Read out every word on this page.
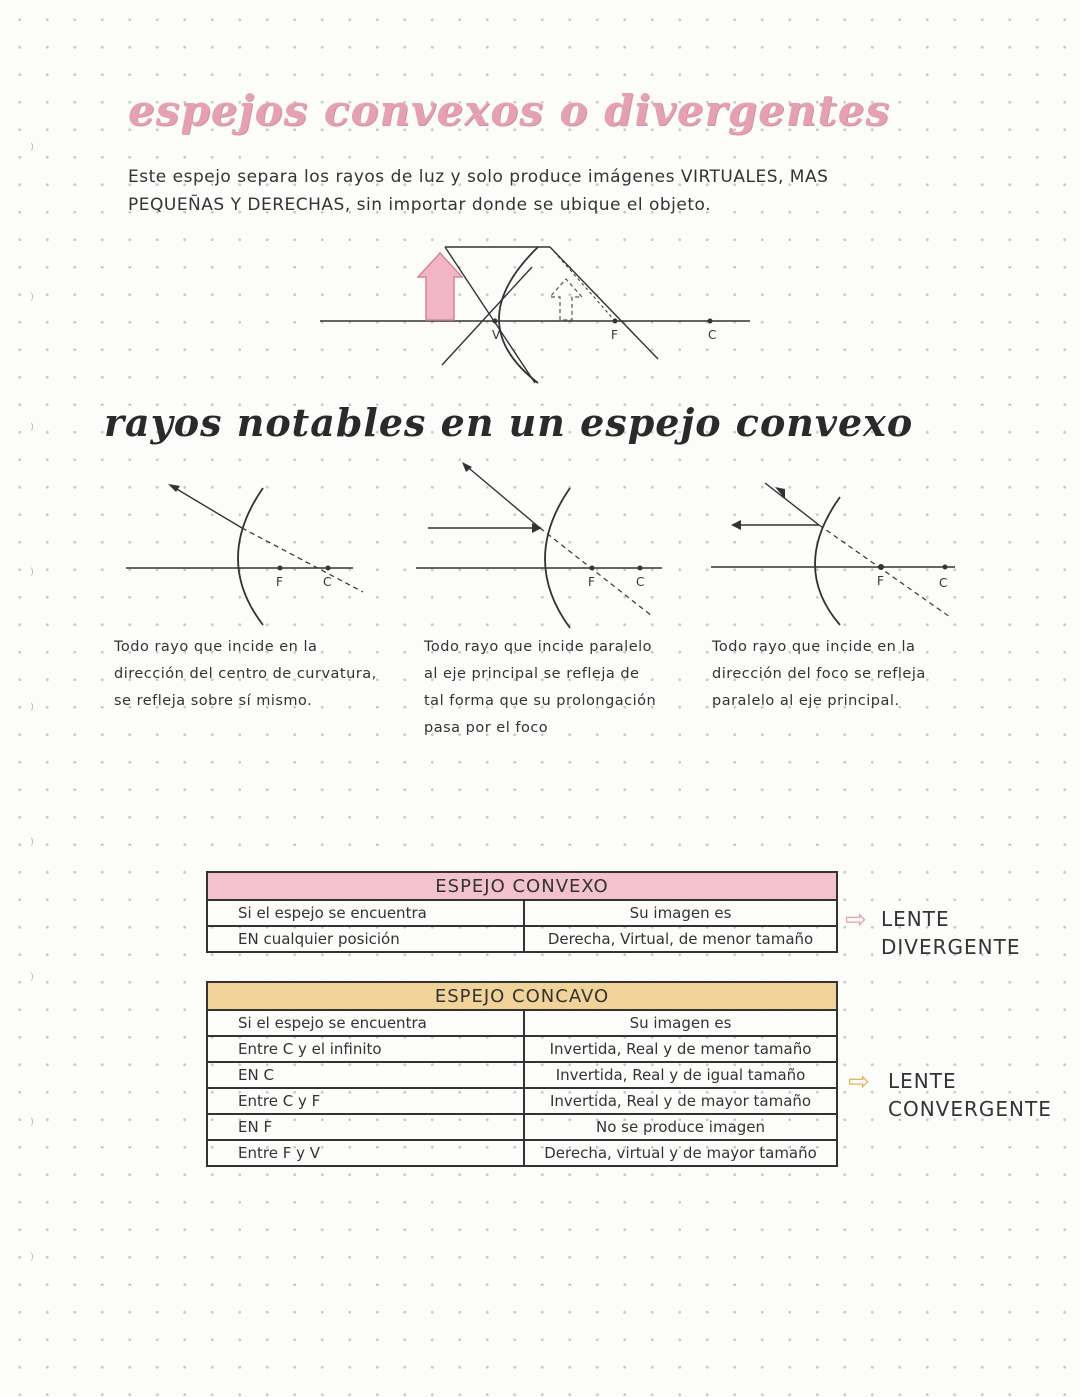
⁾
⁾
⁾
⁾
⁾
⁾
⁾
⁾
⁾
espejos convexos o divergentes
Este espejo separa los rayos de luz y solo produce imágenes VIRTUALES, MAS
PEQUEÑAS Y DERECHAS, sin importar donde se ubique el objeto.
V	F	C
rayos notables en un espejo convexo
F	C	F	C	F	C
Todo rayo que incide en la
dirección del centro de curvatura,
se refleja sobre sí mismo.
Todo rayo que incide paralelo
al eje principal se refleja de
tal forma que su prolongación
pasa por el foco
Todo rayo que incide en la
dirección del foco se refleja
paralelo al eje principal.
ESPEJO CONVEXO	
Si el espejo se encuentra	Su imagen es
EN cualquier posición	Derecha, Virtual, de menor tamaño
⇨ LENTE
DIVERGENTE
ESPEJO CONCAVO	
Si el espejo se encuentra	Su imagen es
Entre C y el infinito	Invertida, Real y de menor tamaño
EN C	Invertida, Real y de igual tamaño
Entre C y F	Invertida, Real y de mayor tamaño
EN F	No se produce imagen
Entre F y V	Derecha, virtual y de mayor tamaño
⇨ LENTE
CONVERGENTE
